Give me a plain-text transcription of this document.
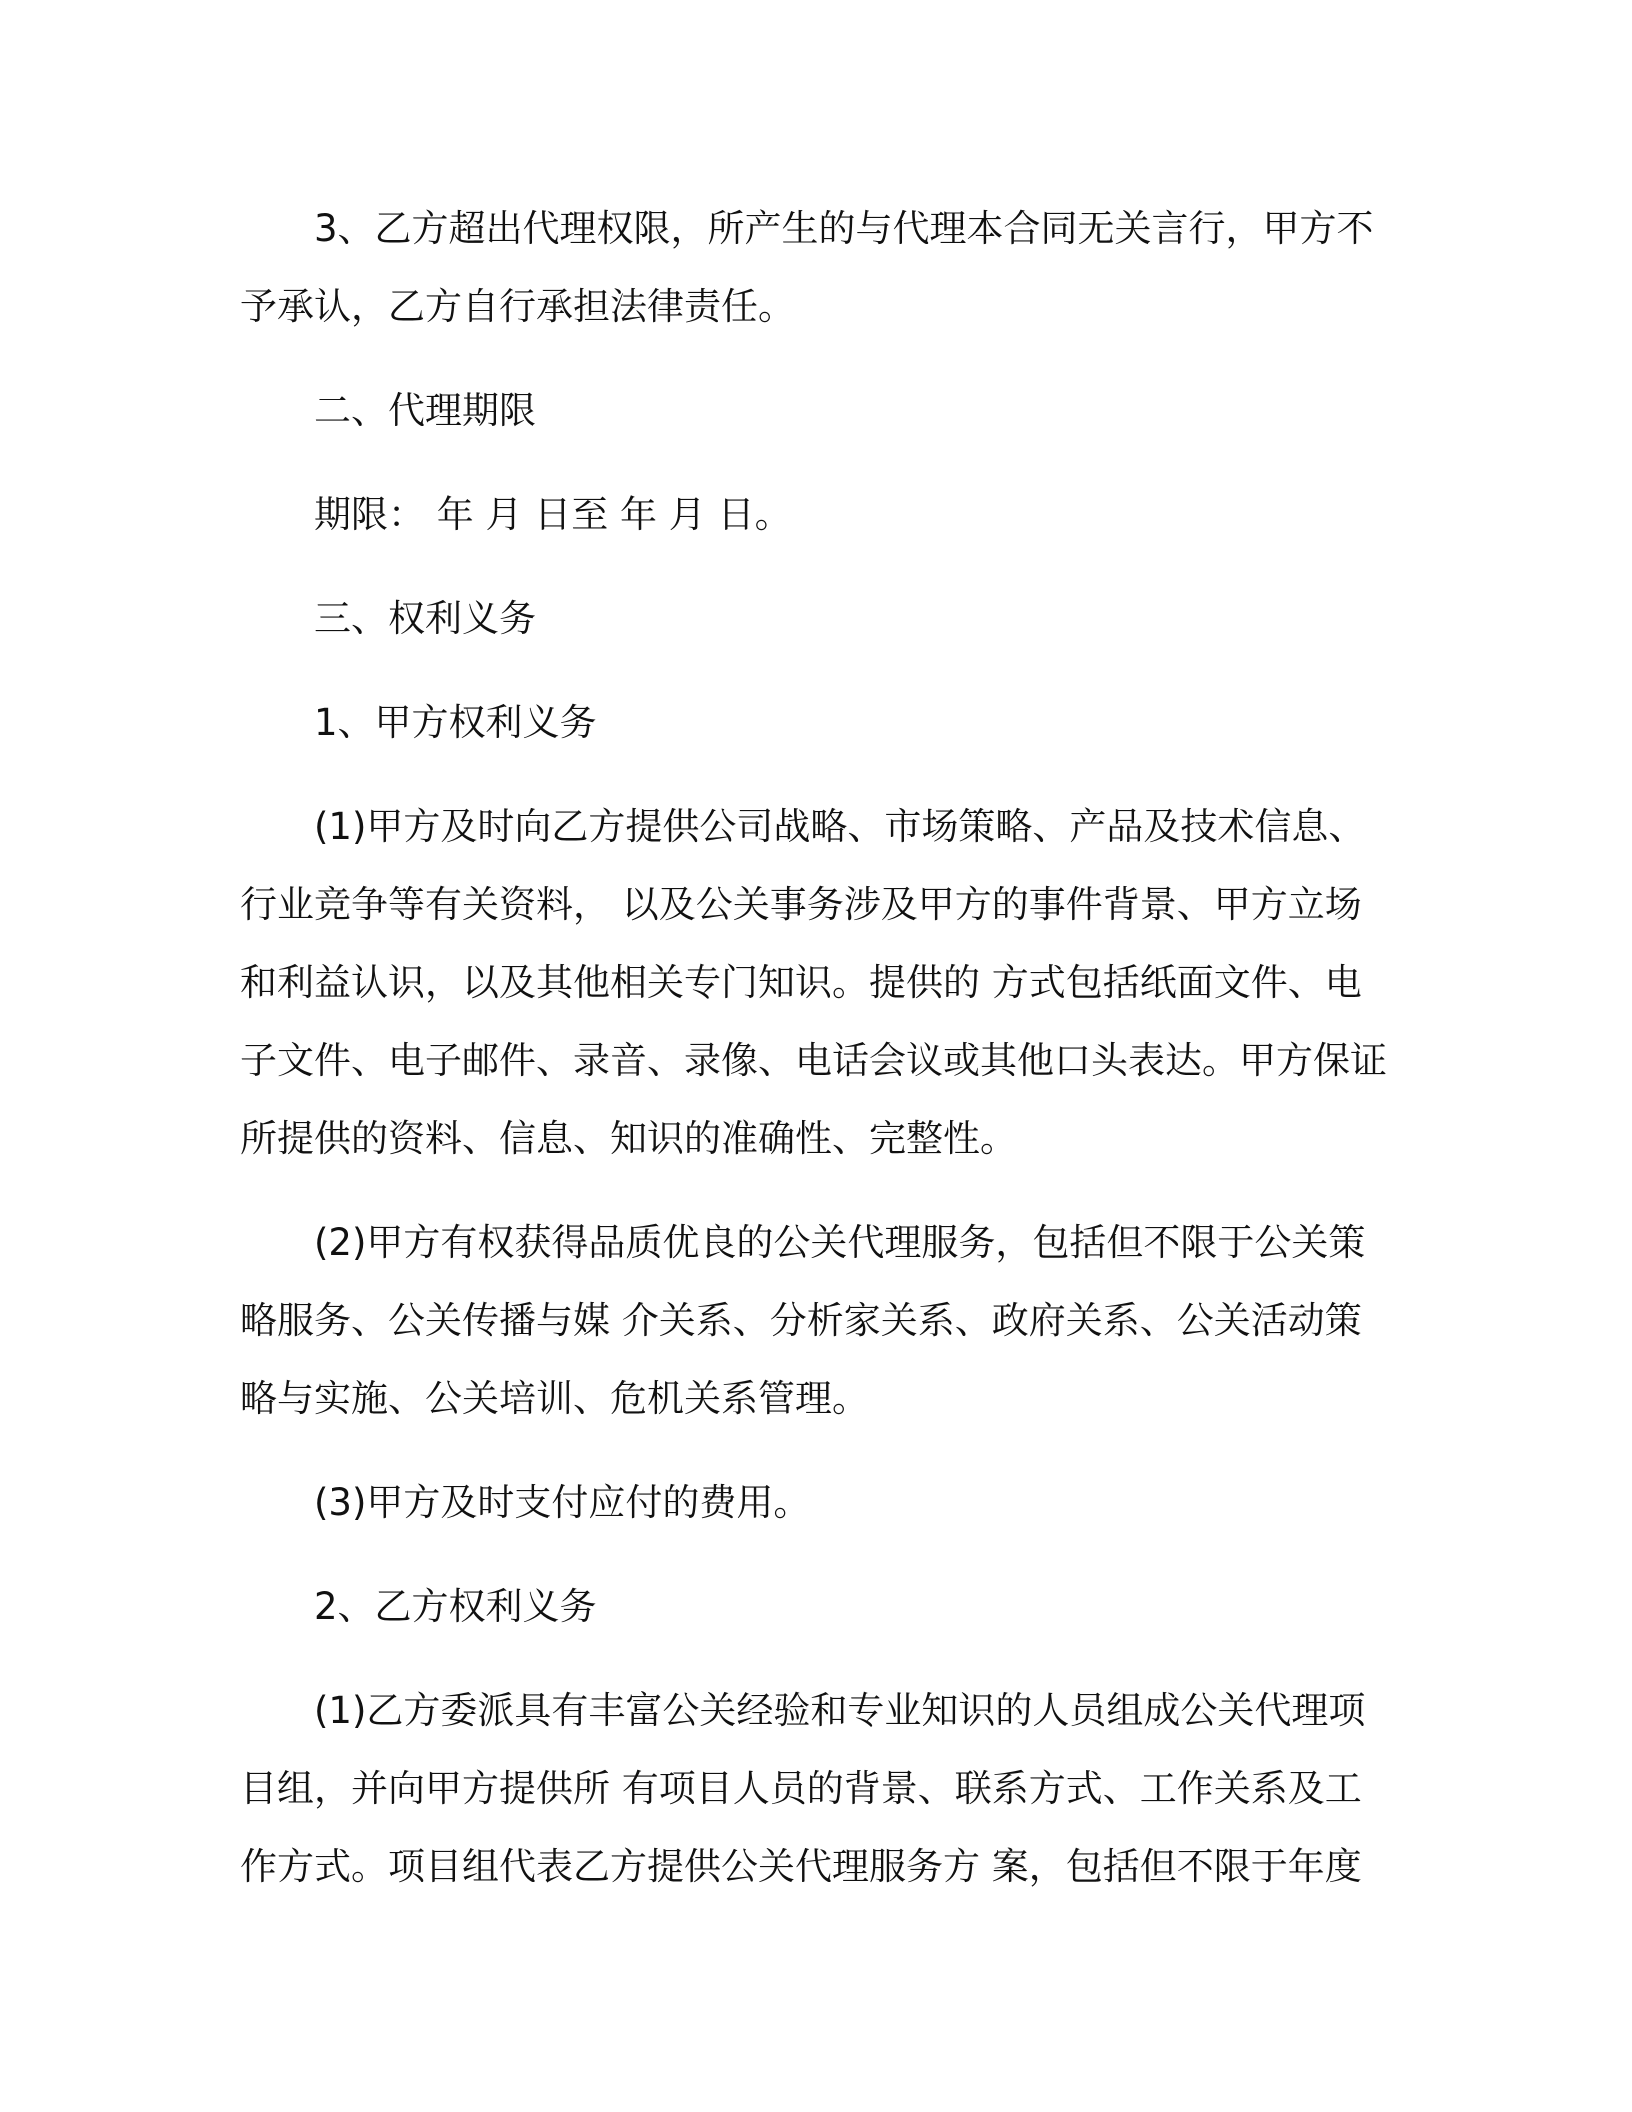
3、乙方超出代理权限，所产生的与代理本合同无关言行，甲方不予承认，乙方自行承担法律责任。

二、代理期限

期限： 年 月 日至 年 月 日。

三、权利义务

1、甲方权利义务

(1)甲方及时向乙方提供公司战略、市场策略、产品及技术信息、行业竞争等有关资料， 以及公关事务涉及甲方的事件背景、甲方立场和利益认识，以及其他相关专门知识。提供的 方式包括纸面文件、电子文件、电子邮件、录音、录像、电话会议或其他口头表达。甲方保证所提供的资料、信息、知识的准确性、完整性。

(2)甲方有权获得品质优良的公关代理服务，包括但不限于公关策略服务、公关传播与媒 介关系、分析家关系、政府关系、公关活动策略与实施、公关培训、危机关系管理。

(3)甲方及时支付应付的费用。

2、乙方权利义务

(1)乙方委派具有丰富公关经验和专业知识的人员组成公关代理项目组，并向甲方提供所 有项目人员的背景、联系方式、工作关系及工作方式。项目组代表乙方提供公关代理服务方 案，包括但不限于年度
